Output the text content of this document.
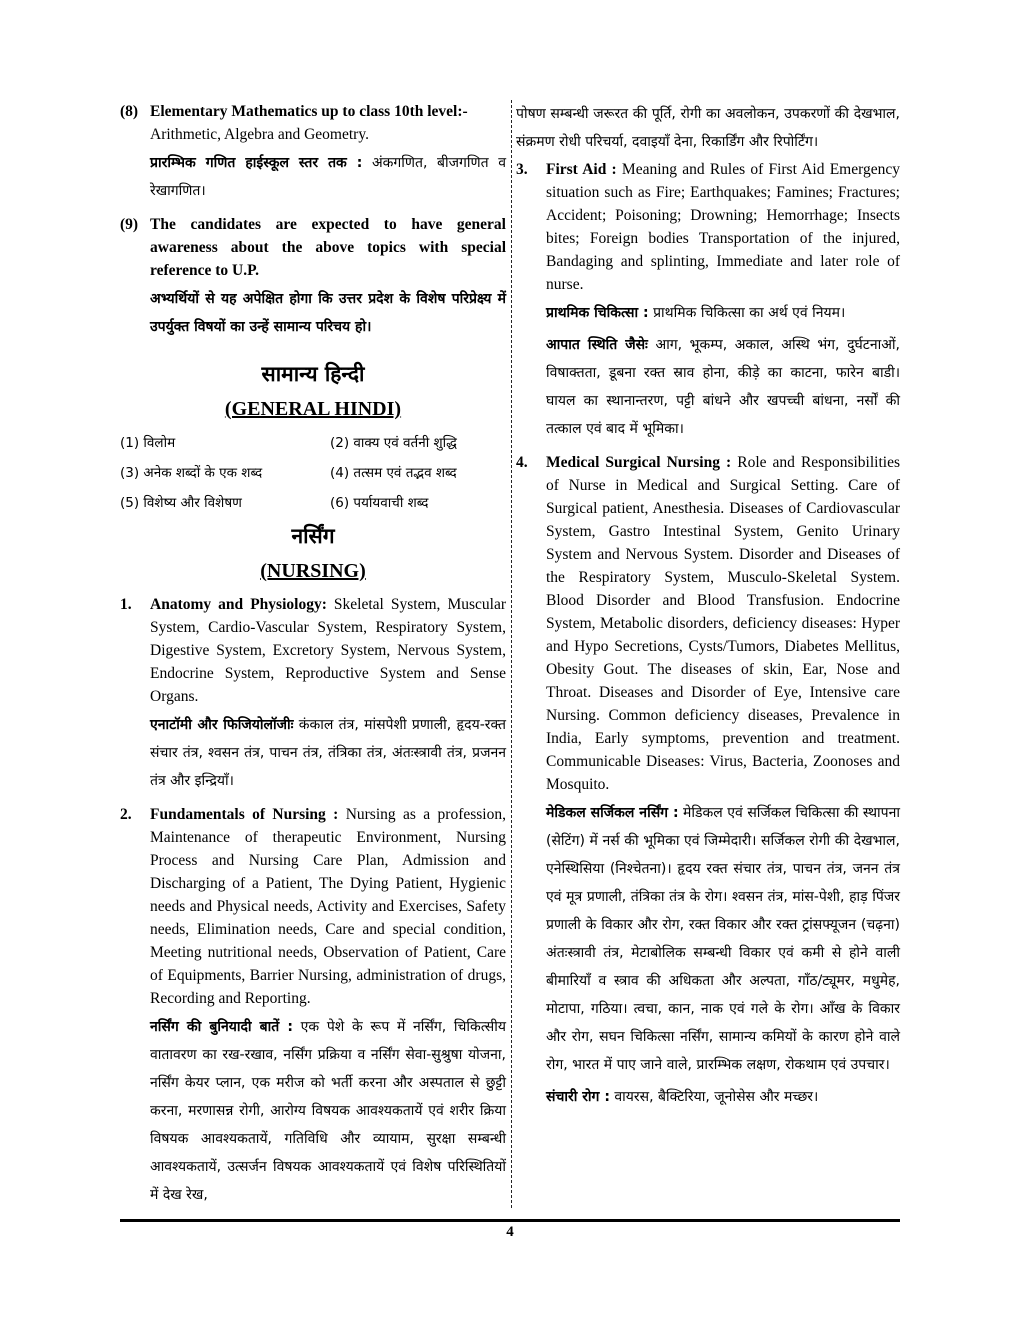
(8) Elementary Mathematics up to class 10th level:-
Arithmetic, Algebra and Geometry.

प्रारम्भिक गणित हाईस्कूल स्तर तक : अंकगणित, बीजगणित व रेखागणित।

(9) The candidates are expected to have general awareness about the above topics with special reference to U.P.

अभ्यर्थियों से यह अपेक्षित होगा कि उत्तर प्रदेश के विशेष परिप्रेक्ष्य में उपर्युक्त विषयों का उन्हें सामान्य परिचय हो।

सामान्य हिन्दी
(GENERAL HINDI)
(1) विलोम	(2) वाक्य एवं वर्तनी शुद्धि
(3) अनेक शब्दों के एक शब्द	(4) तत्सम एवं तद्भव शब्द
(5) विशेष्य और विशेषण	(6) पर्यायवाची शब्द
नर्सिंग
(NURSING)
1.	Anatomy and Physiology: Skeletal System, Muscular System, Cardio-Vascular System, Respiratory System, Digestive System, Excretory System, Nervous System, Endocrine System, Reproductive System and Sense Organs.

एनाटॉमी और फिजियोलॉजीः कंकाल तंत्र, मांसपेशी प्रणाली, हृदय-रक्त संचार तंत्र, श्वसन तंत्र, पाचन तंत्र, तंत्रिका तंत्र, अंतःस्त्रावी तंत्र, प्रजनन तंत्र और इन्द्रियाँ।

2.	Fundamentals of Nursing : Nursing as a profession, Maintenance of therapeutic Environment, Nursing Process and Nursing Care Plan, Admission and Discharging of a Patient, The Dying Patient, Hygienic needs and Physical needs, Activity and Exercises, Safety needs, Elimination needs, Care and special condition, Meeting nutritional needs, Observation of Patient, Care of Equipments, Barrier Nursing, administration of drugs, Recording and Reporting.

नर्सिंग की बुनियादी बातें : एक पेशे के रूप में नर्सिंग, चिकित्सीय वातावरण का रख-रखाव, नर्सिंग प्रक्रिया व नर्सिंग सेवा-सुश्रुषा योजना, नर्सिंग केयर प्लान, एक मरीज को भर्ती करना और अस्पताल से छुट्टी करना, मरणासन्न रोगी, आरोग्य विषयक आवश्यकतायें एवं शरीर क्रिया विषयक आवश्यकतायें, गतिविधि और व्यायाम, सुरक्षा सम्बन्धी आवश्यकतायें, उत्सर्जन विषयक आवश्यकतायें एवं विशेष परिस्थितियों में देख रेख,

पोषण सम्बन्धी जरूरत की पूर्ति, रोगी का अवलोकन, उपकरणों की देखभाल, संक्रमण रोधी परिचर्या, दवाइयाँ देना, रिकार्डिंग और रिपोर्टिंग।

3.	First Aid : Meaning and Rules of First Aid Emergency situation such as Fire; Earthquakes; Famines; Fractures; Accident; Poisoning; Drowning; Hemorrhage; Insects bites; Foreign bodies Transportation of the injured, Bandaging and splinting, Immediate and later role of nurse.

प्राथमिक चिकित्सा : प्राथमिक चिकित्सा का अर्थ एवं नियम।

आपात स्थिति जैसेः आग, भूकम्प, अकाल, अस्थि भंग, दुर्घटनाओं, विषाक्तता, डूबना रक्त स्राव होना, कीड़े का काटना, फारेन बाडी। घायल का स्थानान्तरण, पट्टी बांधने और खपच्ची बांधना, नर्सों की तत्काल एवं बाद में भूमिका।

4.	Medical Surgical Nursing : Role and Responsibilities of Nurse in Medical and Surgical Setting. Care of Surgical patient, Anesthesia. Diseases of Cardiovascular System, Gastro Intestinal System, Genito Urinary System and Nervous System. Disorder and Diseases of the Respiratory System, Musculo-Skeletal System. Blood Disorder and Blood Transfusion. Endocrine System, Metabolic disorders, deficiency diseases: Hyper and Hypo Secretions, Cysts/Tumors, Diabetes Mellitus, Obesity Gout. The diseases of skin, Ear, Nose and Throat. Diseases and Disorder of Eye, Intensive care Nursing. Common deficiency diseases, Prevalence in India, Early symptoms, prevention and treatment. Communicable Diseases: Virus, Bacteria, Zoonoses and Mosquito.

मेडिकल सर्जिकल नर्सिंग : मेडिकल एवं सर्जिकल चिकित्सा की स्थापना (सेटिंग) में नर्स की भूमिका एवं जिम्मेदारी। सर्जिकल रोगी की देखभाल, एनेस्थिसिया (निश्चेतना)। हृदय रक्त संचार तंत्र, पाचन तंत्र, जनन तंत्र एवं मूत्र प्रणाली, तंत्रिका तंत्र के रोग। श्वसन तंत्र, मांस-पेशी, हाड़ पिंजर प्रणाली के विकार और रोग, रक्त विकार और रक्त ट्रांसफ्यूजन (चढ़ना) अंतःस्त्रावी तंत्र, मेटाबोलिक सम्बन्धी विकार एवं कमी से होने वाली बीमारियाँ व स्त्राव की अधिकता और अल्पता, गाँठ/ट्यूमर, मधुमेह, मोटापा, गठिया। त्वचा, कान, नाक एवं गले के रोग। आँख के विकार और रोग, सघन चिकित्सा नर्सिंग, सामान्य कमियों के कारण होने वाले रोग, भारत में पाए जाने वाले, प्रारम्भिक लक्षण, रोकथाम एवं उपचार।

संचारी रोग : वायरस, बैक्टिरिया, जूनोसेस और मच्छर।

4
